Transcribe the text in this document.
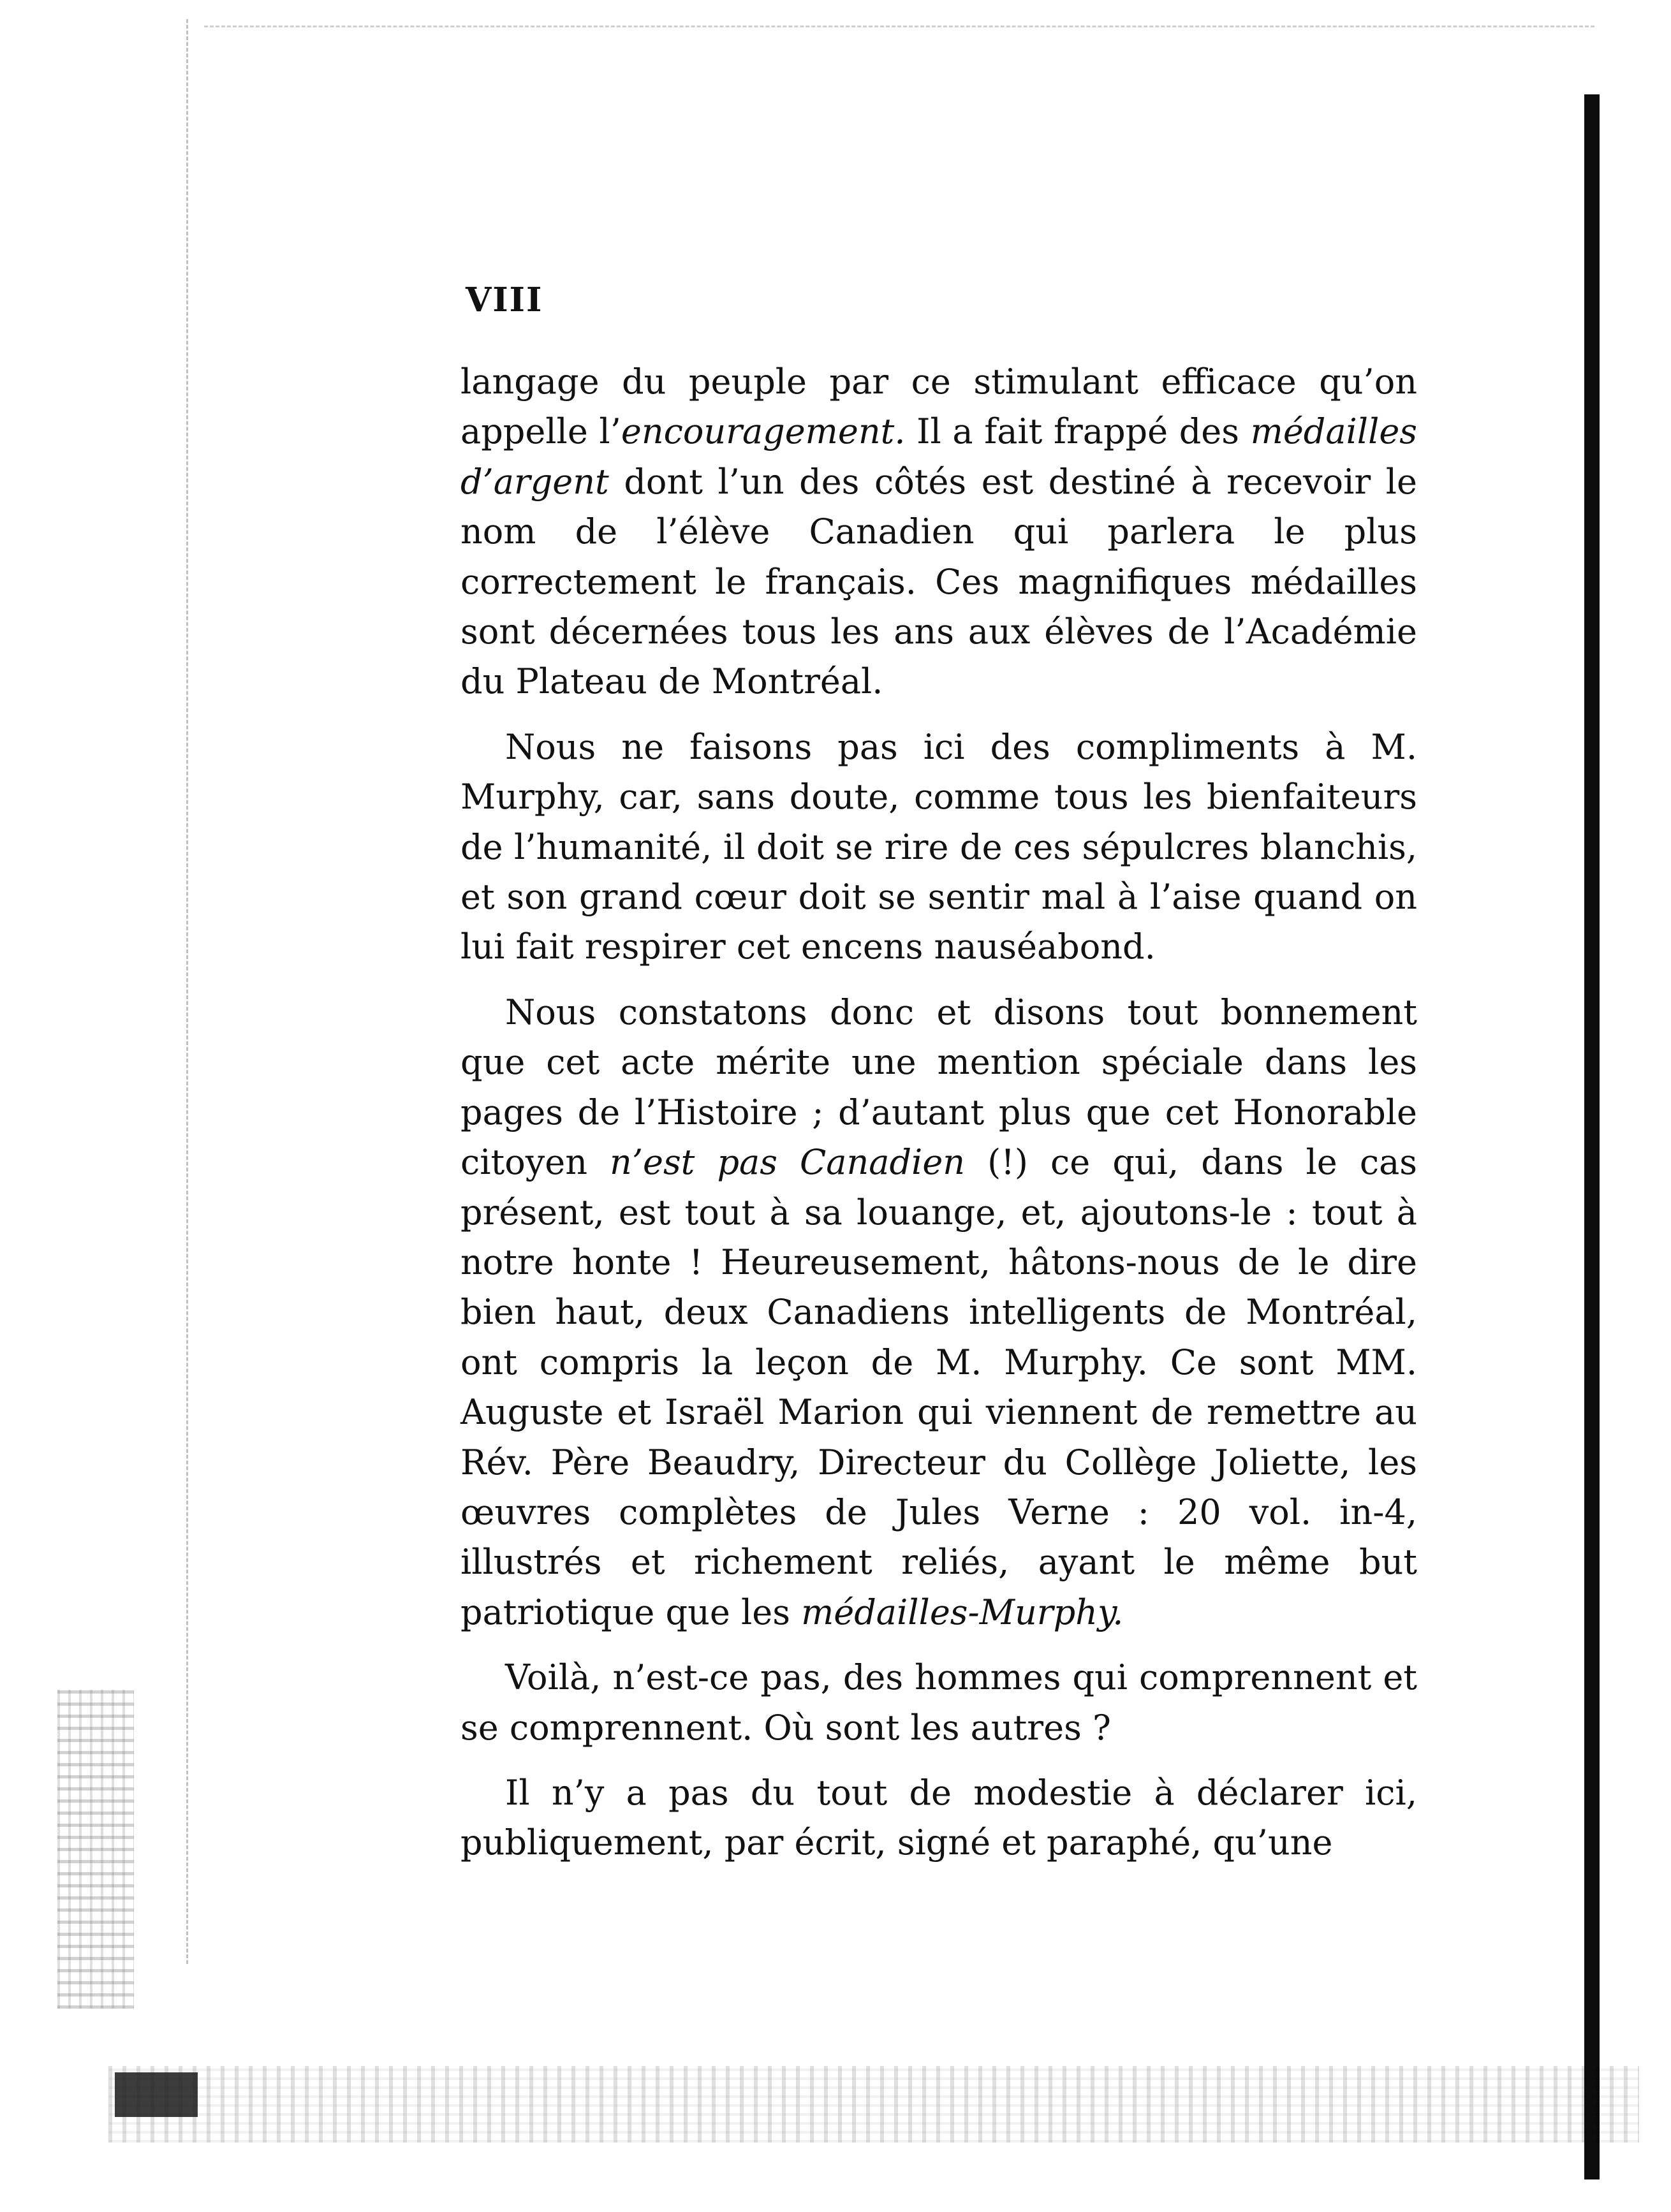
VIII

langage du peuple par ce stimulant efficace qu’on appelle l’encouragement. Il a fait frappé des médailles d’argent dont l’un des côtés est destiné à recevoir le nom de l’élève Canadien qui parlera le plus correctement le français. Ces magnifiques médailles sont décernées tous les ans aux élèves de l’Académie du Plateau de Montréal.

Nous ne faisons pas ici des compliments à M. Murphy, car, sans doute, comme tous les bienfaiteurs de l’humanité, il doit se rire de ces sépulcres blanchis, et son grand cœur doit se sentir mal à l’aise quand on lui fait respirer cet encens nauséabond.

Nous constatons donc et disons tout bonnement que cet acte mérite une mention spéciale dans les pages de l’Histoire ; d’autant plus que cet Honorable citoyen n’est pas Canadien (!) ce qui, dans le cas présent, est tout à sa louange, et, ajoutons-le : tout à notre honte ! Heureusement, hâtons-nous de le dire bien haut, deux Canadiens intelligents de Montréal, ont compris la leçon de M. Murphy. Ce sont MM. Auguste et Israël Marion qui viennent de remettre au Rév. Père Beaudry, Directeur du Collège Joliette, les œuvres complètes de Jules Verne : 20 vol. in-4, illustrés et richement reliés, ayant le même but patriotique que les médailles-Murphy.

Voilà, n’est-ce pas, des hommes qui comprennent et se comprennent. Où sont les autres ?

Il n’y a pas du tout de modestie à déclarer ici, publiquement, par écrit, signé et paraphé, qu’une
